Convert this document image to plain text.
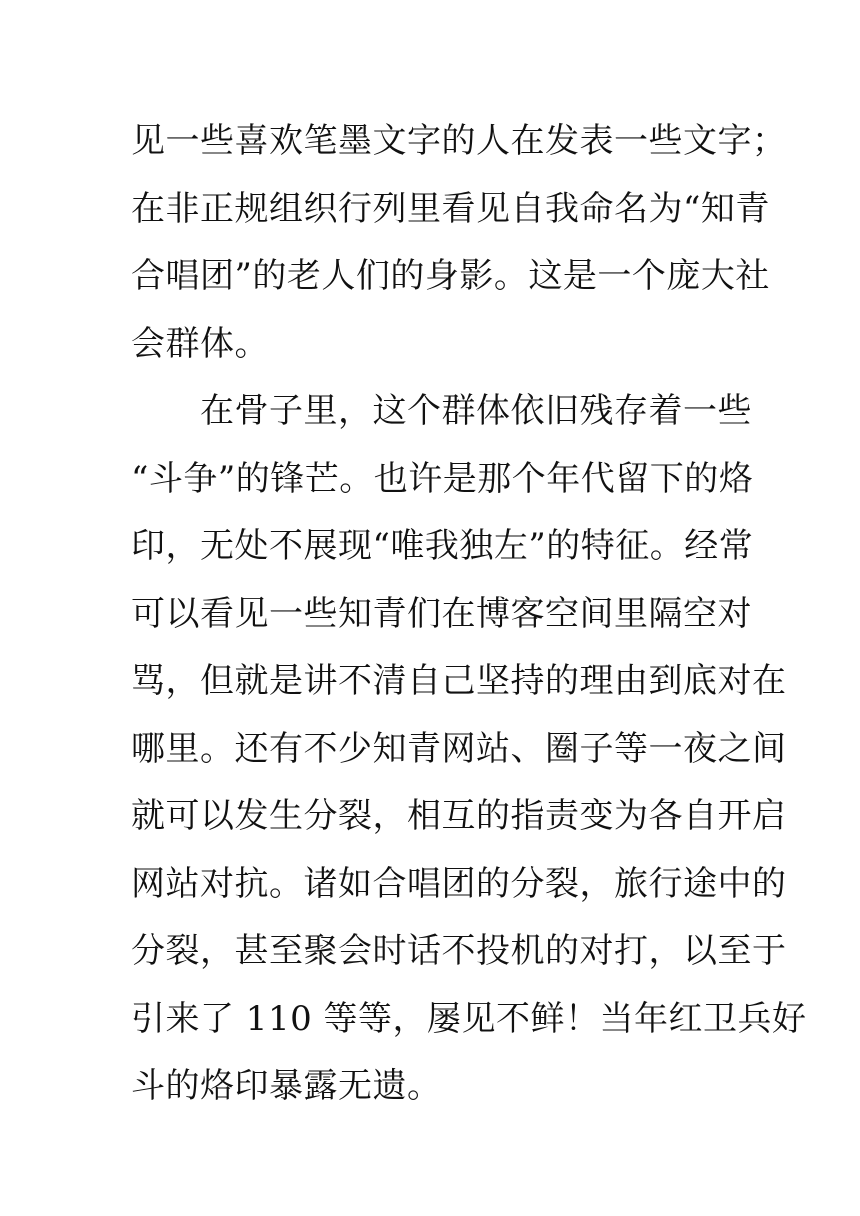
见一些喜欢笔墨文字的人在发表一些文字；
在非正规组织行列里看见自我命名为“知青
合唱团”的老人们的身影。这是一个庞大社
会群体。
　　在骨子里，这个群体依旧残存着一些
“斗争”的锋芒。也许是那个年代留下的烙
印，无处不展现“唯我独左”的特征。经常
可以看见一些知青们在博客空间里隔空对
骂，但就是讲不清自己坚持的理由到底对在
哪里。还有不少知青网站、圈子等一夜之间
就可以发生分裂，相互的指责变为各自开启
网站对抗。诸如合唱团的分裂，旅行途中的
分裂，甚至聚会时话不投机的对打，以至于
引来了 110 等等，屡见不鲜！当年红卫兵好
斗的烙印暴露无遗。
